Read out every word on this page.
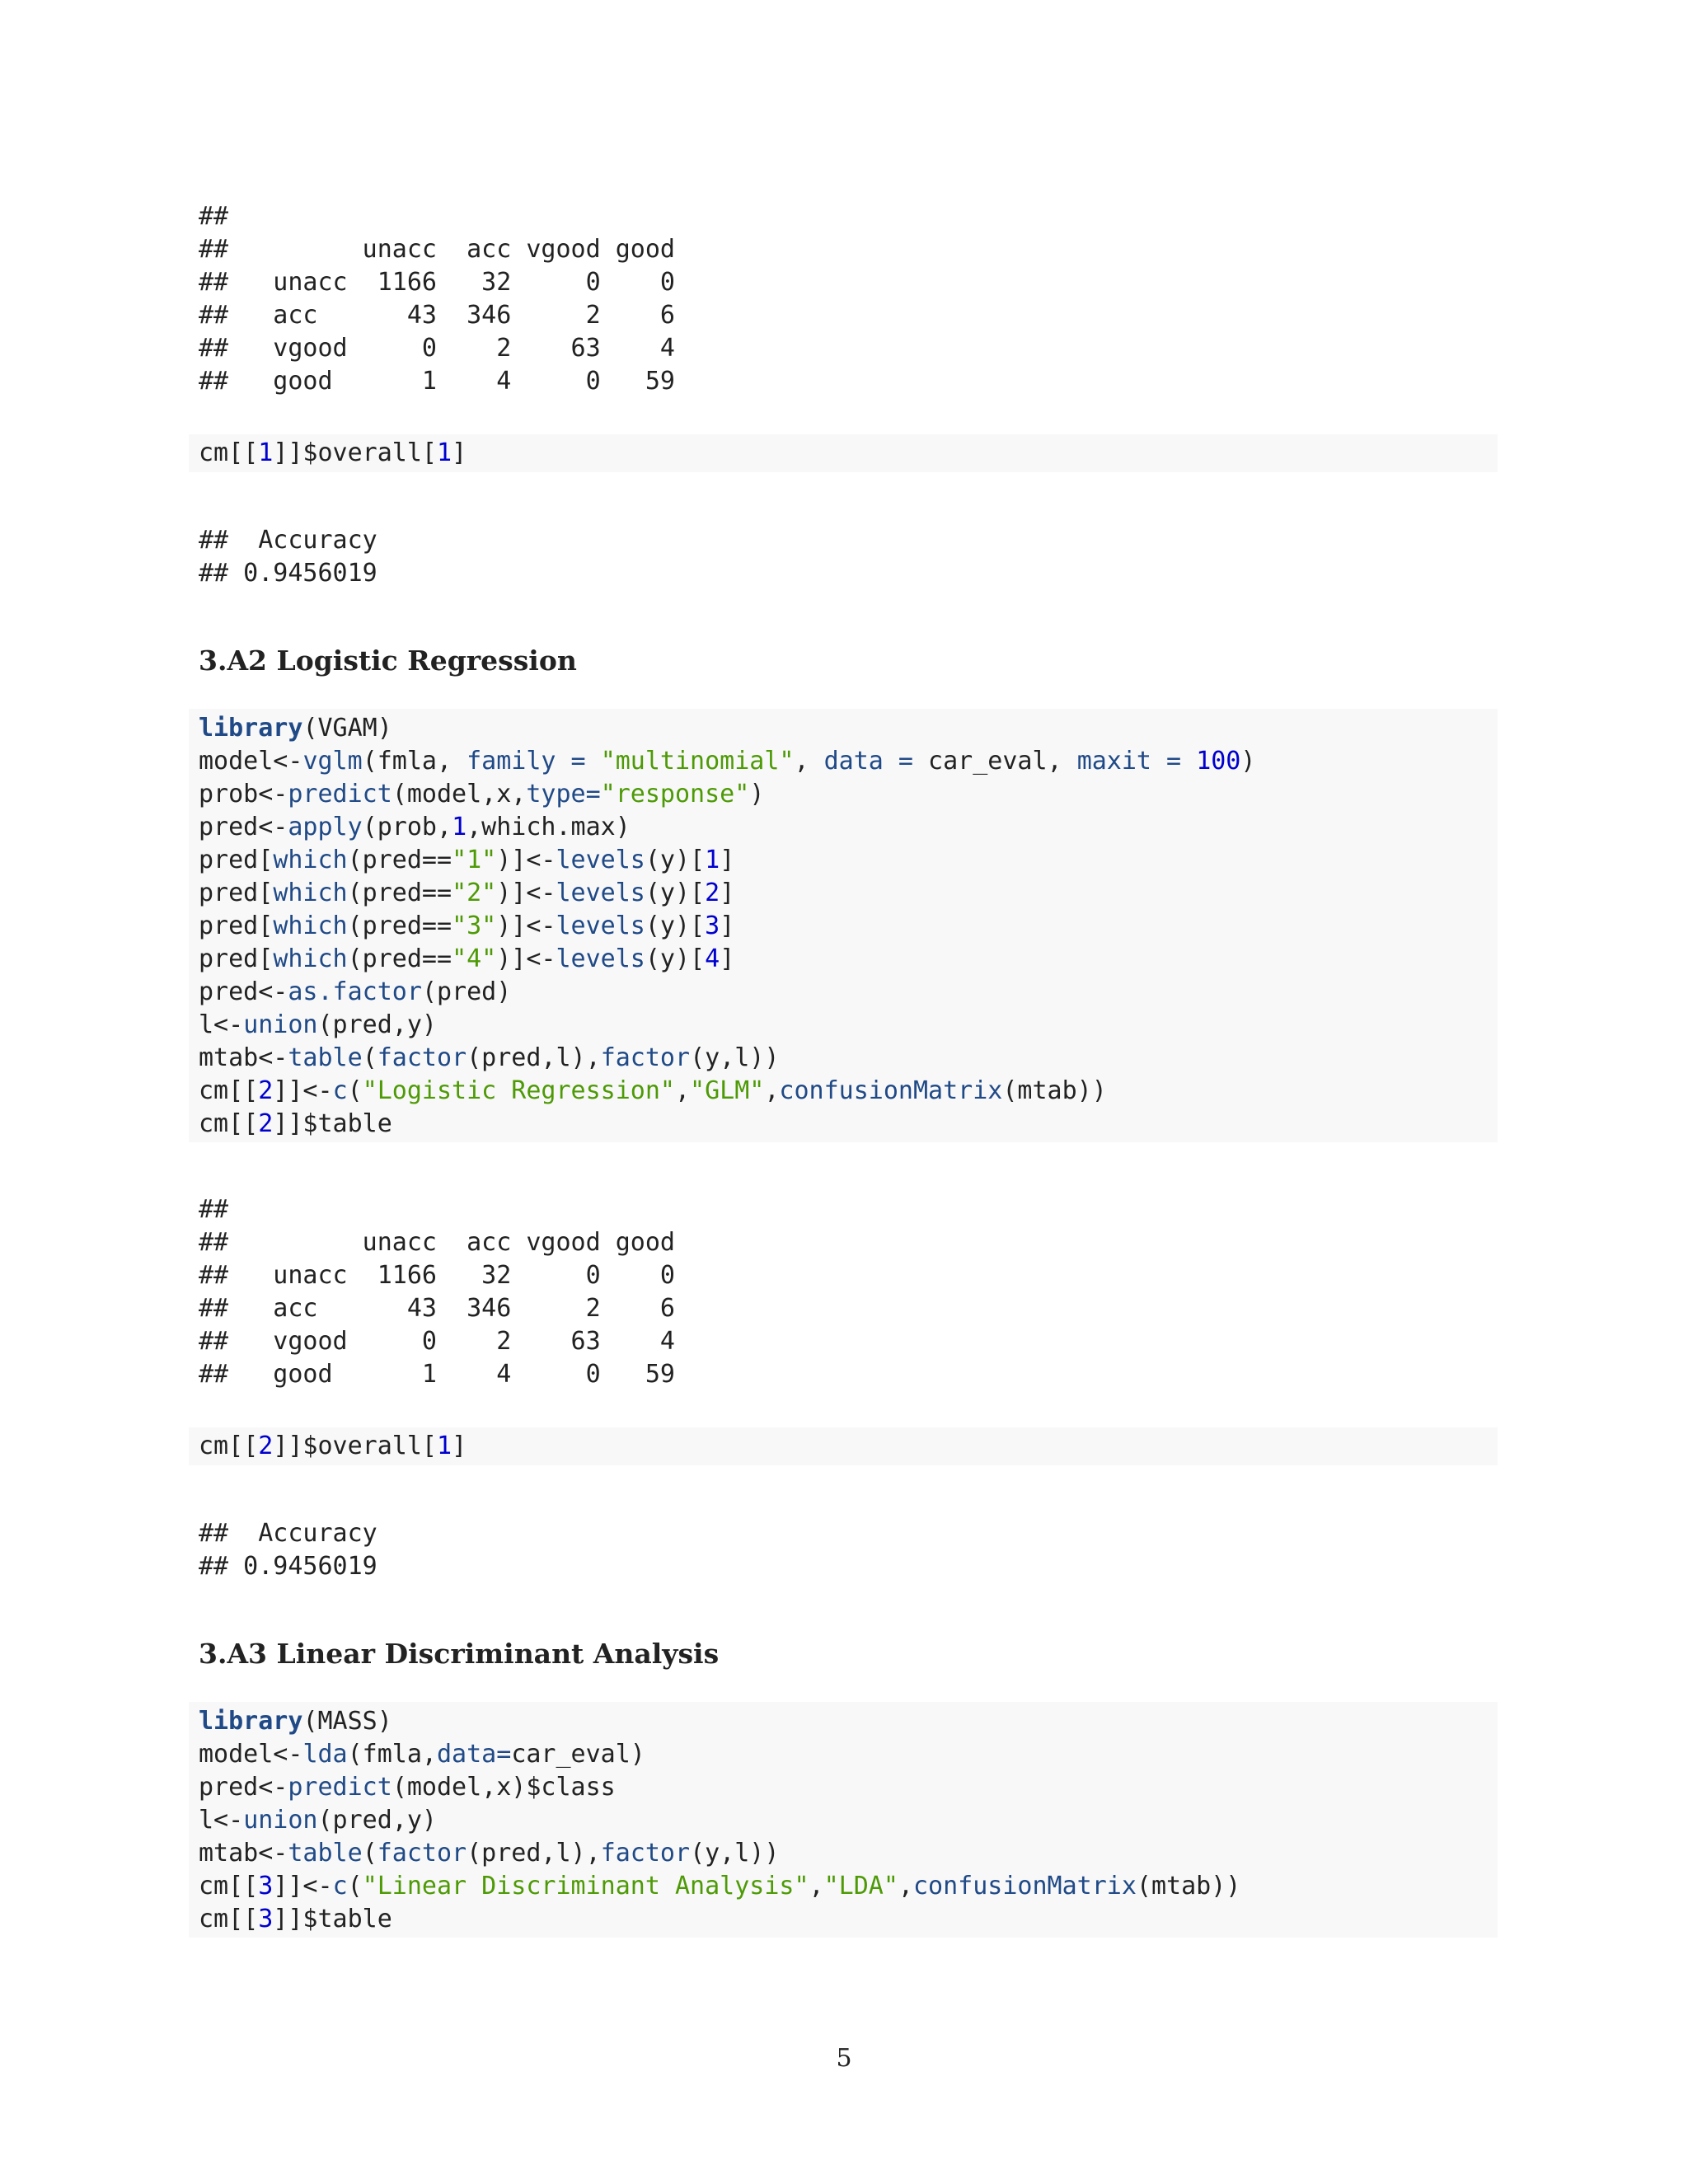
##
##         unacc  acc vgood good
##   unacc  1166   32     0    0
##   acc      43  346     2    6
##   vgood     0    2    63    4
##   good      1    4     0   59
cm[[1]]$overall[1]
##  Accuracy
## 0.9456019
3.A2 Logistic Regression
library(VGAM)
model<-vglm(fmla, family = "multinomial", data = car_eval, maxit = 100)
prob<-predict(model,x,type="response")
pred<-apply(prob,1,which.max)
pred[which(pred=="1")]<-levels(y)[1]
pred[which(pred=="2")]<-levels(y)[2]
pred[which(pred=="3")]<-levels(y)[3]
pred[which(pred=="4")]<-levels(y)[4]
pred<-as.factor(pred)
l<-union(pred,y)
mtab<-table(factor(pred,l),factor(y,l))
cm[[2]]<-c("Logistic Regression","GLM",confusionMatrix(mtab))
cm[[2]]$table
##
##         unacc  acc vgood good
##   unacc  1166   32     0    0
##   acc      43  346     2    6
##   vgood     0    2    63    4
##   good      1    4     0   59
cm[[2]]$overall[1]
##  Accuracy
## 0.9456019
3.A3 Linear Discriminant Analysis
library(MASS)
model<-lda(fmla,data=car_eval)
pred<-predict(model,x)$class
l<-union(pred,y)
mtab<-table(factor(pred,l),factor(y,l))
cm[[3]]<-c("Linear Discriminant Analysis","LDA",confusionMatrix(mtab))
cm[[3]]$table
5
